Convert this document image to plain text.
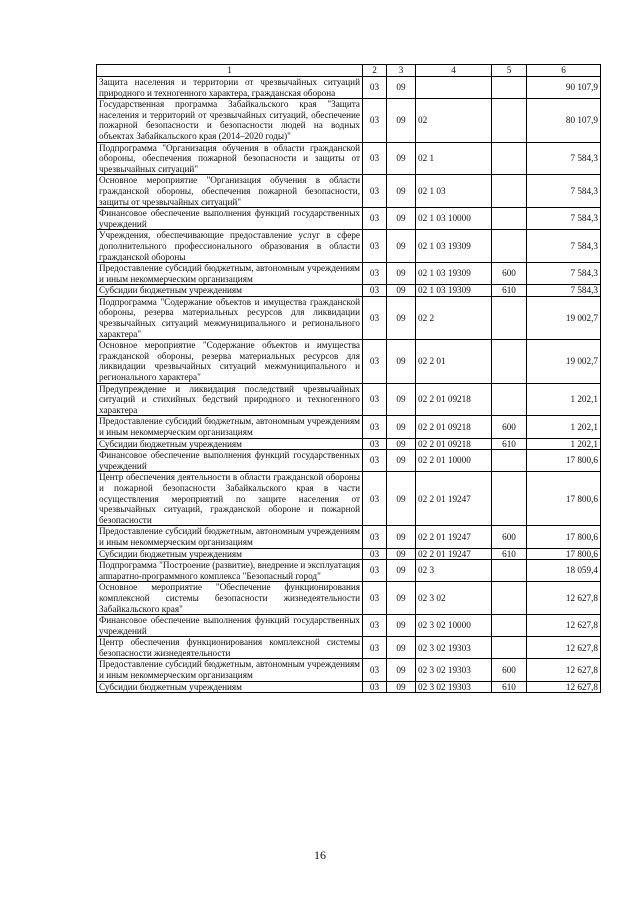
1	2	3	4	5	6
Защита населения и территории от чрезвычайных ситуаций природного и техногенного характера, гражданская оборона	03	09			90 107,9
Государственная программа Забайкальского края "Защита населения и территорий от чрезвычайных ситуаций, обеспечение пожарной безопасности и безопасности людей на водных объектах Забайкальского края (2014–2020 годы)"	03	09	02		80 107,9
Подпрограмма "Организация обучения в области гражданской обороны, обеспечения пожарной безопасности и защиты от чрезвычайных ситуаций"	03	09	02 1		7 584,3
Основное мероприятие "Организация обучения в области гражданской обороны, обеспечения пожарной безопасности, защиты от чрезвычайных ситуаций"	03	09	02 1 03		7 584,3
Финансовое обеспечение выполнения функций государственных учреждений	03	09	02 1 03 10000		7 584,3
Учреждения, обеспечивающие предоставление услуг в сфере дополнительного профессионального образования в области гражданской обороны	03	09	02 1 03 19309		7 584,3
Предоставление субсидий бюджетным, автономным учреждениям и иным некоммерческим организациям	03	09	02 1 03 19309	600	7 584,3
Субсидии бюджетным учреждениям	03	09	02 1 03 19309	610	7 584,3
Подпрограмма "Содержание объектов и имущества гражданской обороны, резерва материальных ресурсов для ликвидации чрезвычайных ситуаций межмуниципального и регионального характера"	03	09	02 2		19 002,7
Основное мероприятие "Содержание объектов и имущества гражданской обороны, резерва материальных ресурсов для ликвидации чрезвычайных ситуаций межмуниципального и регионального характера"	03	09	02 2 01		19 002,7
Предупреждение и ликвидация последствий чрезвычайных ситуаций и стихийных бедствий природного и техногенного характера	03	09	02 2 01 09218		1 202,1
Предоставление субсидий бюджетным, автономным учреждениям и иным некоммерческим организациям	03	09	02 2 01 09218	600	1 202,1
Субсидии бюджетным учреждениям	03	09	02 2 01 09218	610	1 202,1
Финансовое обеспечение выполнения функций государственных учреждений	03	09	02 2 01 10000		17 800,6
Центр обеспечения деятельности в области гражданской обороны и пожарной безопасности Забайкальского края в части осуществления мероприятий по защите населения от чрезвычайных ситуаций, гражданской обороне и пожарной безопасности	03	09	02 2 01 19247		17 800,6
Предоставление субсидий бюджетным, автономным учреждениям и иным некоммерческим организациям	03	09	02 2 01 19247	600	17 800,6
Субсидии бюджетным учреждениям	03	09	02 2 01 19247	610	17 800,6
Подпрограмма "Построение (развитие), внедрение и эксплуатация аппаратно-программного комплекса "Безопасный город"	03	09	02 3		18 059,4
Основное мероприятие "Обеспечение функционирования комплексной системы безопасности жизнедеятельности Забайкальского края"	03	09	02 3 02		12 627,8
Финансовое обеспечение выполнения функций государственных учреждений	03	09	02 3 02 10000		12 627,8
Центр обеспечения функционирования комплексной системы безопасности жизнедеятельности	03	09	02 3 02 19303		12 627,8
Предоставление субсидий бюджетным, автономным учреждениям и иным некоммерческим организациям	03	09	02 3 02 19303	600	12 627,8
Субсидии бюджетным учреждениям	03	09	02 3 02 19303	610	12 627,8
16
